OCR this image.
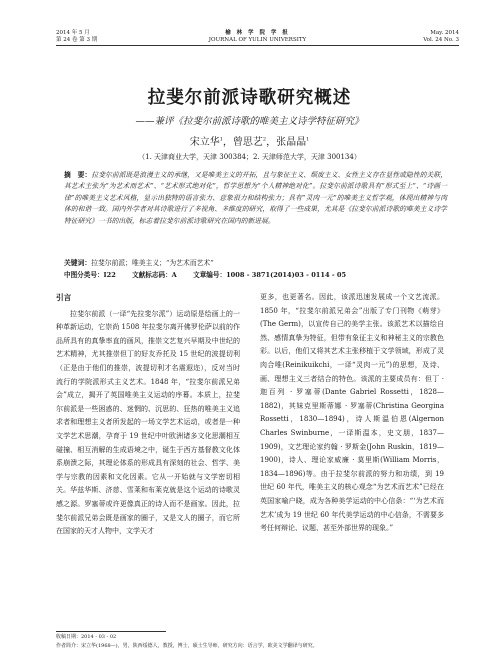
2014 年 5 月
第 24 卷 第 3 期
榆 林 学 院 学 报
JOURNAL OF YULIN UNIVERSITY
May. 2014
Vol. 24 No. 3
拉斐尔前派诗歌研究概述
——兼评《拉斐尔前派诗歌的唯美主义诗学特征研究》
宋立华$^1$，曾思艺$^2$，张晶晶$^1$
（1. 天津商业大学，天津 300384；2. 天津师范大学，天津 300134）
摘　要：拉斐尔前派既是浪漫主义的承继，又是唯美主义的开拓，且与象征主义、颓废主义、女性主义存在显性或隐性的关联，其艺术主张为“为艺术而艺术”、“艺术形式绝对化”，哲学思想为“个人精神绝对化”。拉斐尔前派诗歌具有“形式至上”、“诗画一律”的唯美主义艺术风格，显示出独特的语言张力、意象很力和结构张力；具有“灵肉一元”的唯美主义哲学观，体现出精神与肉体的和谐一致。国内外学者对其诗歌进行了多视角、多维度的研究，取得了一些成果，尤其是《拉斐尔前派诗歌的唯美主义诗学特征研究》一书的出版，标志着拉斐尔前派诗歌研究在国内的新进展。
关键词：拉斐尔前派；唯美主义；“为艺术而艺术”
中图分类号：I22 文献标志码：A 文章编号：1008 - 3871(2014)03 - 0114 - 05
引言

拉斐尔前派（一译“先拉斐尔派”）运动原是绘画上的一种革新运动，它崇尚 1508 年拉斐尔离开佛罗伦萨以前的作品所具有的真挚率直的画风，推崇文艺复兴早期及中世纪的艺术精神，尤其推崇但丁的好友乔托及 15 世纪的波提切利（正是由于他们的推崇，波提切利才名震遐迩），反对当时流行的学院派形式主义艺术。1848 年，“拉斐尔前派兄弟会”成立，揭开了英国唯美主义运动的序幕。本质上，拉斐尔前派是一些困惑的、迷惘的、沉思的、狂热的唯美主义追求者和理想主义者所发起的一场文学艺术运动，或者是一种文学艺术思潮，孕育于 19 世纪中叶欧洲诸多文化思潮相互碰撞、相互消解的生成语境之中，诞生于西方基督教文化体系崩溃之际，其理论体系的形成具有深刻的社会、哲学、美学与宗教的因素和文化因素。它从一开始就与文学密切相关。华兹华斯、济慈、雪莱和布莱克就是这个运动的诗歌灵感之源。罗塞蒂或许更像真正的诗人而不是画家。因此，拉斐尔前派兄弟会既是画家的圈子，又是文人的圈子，而它所在国家的天才人物中，文学天才

更多，也更著名。因此，该派迅速发展成一个文艺流派。1850 年，“拉斐尔前派兄弟会”出版了专门刊物《萌芽》(The Germ)，以宣传自己的美学主张。该派艺术以描绘自然、感情真挚为特征，但带有象征主义和神秘主义的宗教色彩。以后，他们又将其艺术主张移植于文学领域，形成了灵肉合唯(Reinikuikchi，一译“灵肉一元”)的思想，及诗、画、理想主义三者结合的特色。该派的主要成员有：但丁 · 迦百列 · 罗塞蒂(Dante Gabriel Rossetti，1828—1882)，其妹克里斯蒂娜 · 罗塞蒂(Christina Georgina Rossetti，1830—1894)，诗人斯温伯恩(Algernon Charles Swinburne，一译斯温本，史文朋，1837—1909)，文艺理论家约翰 · 罗斯金(John Ruskin，1819—1900)，诗人、理论家威廉 · 莫里斯(William Morris，1834—1896)等。由于拉斐尔前派的努力和功绩，到 19 世纪 60 年代，唯美主义的核心观念“为艺术而艺术”已经在英国家喻户晓，成为各种美学运动的中心信条：“‘为艺术而艺术’成为 19 世纪 60 年代美学运动的中心信条，不需要多考任何辩论、议题、甚至外部世界的现象。”

收稿日期：2014 - 03 - 02
作者简介：宋立华(1968—)，男，陕西绥德人，教授，博士，硕士生导师，研究方向：语言学，欧美文学翻译与研究。
